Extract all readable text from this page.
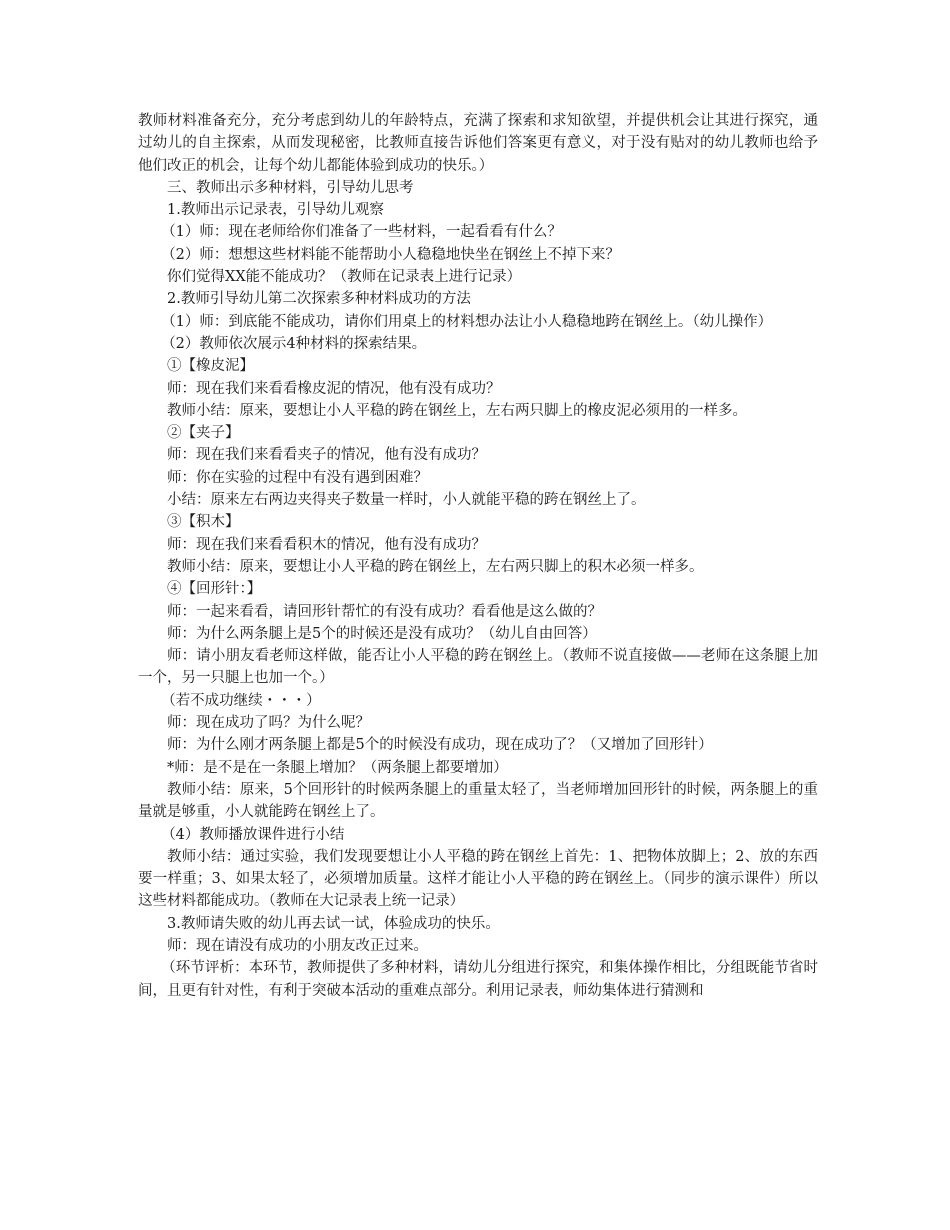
教师材料准备充分，充分考虑到幼儿的年龄特点，充满了探索和求知欲望，并提供机会让其进行探究，通过幼儿的自主探索，从而发现秘密，比教师直接告诉他们答案更有意义，对于没有贴对的幼儿教师也给予他们改正的机会，让每个幼儿都能体验到成功的快乐。）

三、教师出示多种材料，引导幼儿思考

1.教师出示记录表，引导幼儿观察

（1）师：现在老师给你们准备了一些材料，一起看看有什么？

（2）师：想想这些材料能不能帮助小人稳稳地快坐在钢丝上不掉下来？

你们觉得XX能不能成功？（教师在记录表上进行记录）

2.教师引导幼儿第二次探索多种材料成功的方法

（1）师：到底能不能成功，请你们用桌上的材料想办法让小人稳稳地跨在钢丝上。（幼儿操作）

（2）教师依次展示4种材料的探索结果。

①【橡皮泥】

师：现在我们来看看橡皮泥的情况，他有没有成功？

教师小结：原来，要想让小人平稳的跨在钢丝上，左右两只脚上的橡皮泥必须用的一样多。

②【夹子】

师：现在我们来看看夹子的情况，他有没有成功？

师：你在实验的过程中有没有遇到困难？

小结：原来左右两边夹得夹子数量一样时，小人就能平稳的跨在钢丝上了。

③【积木】

师：现在我们来看看积木的情况，他有没有成功？

教师小结：原来，要想让小人平稳的跨在钢丝上，左右两只脚上的积木必须一样多。

④【回形针：】

师：一起来看看，请回形针帮忙的有没有成功？看看他是这么做的？

师：为什么两条腿上是5个的时候还是没有成功？（幼儿自由回答）

师：请小朋友看老师这样做，能否让小人平稳的跨在钢丝上。（教师不说直接做——老师在这条腿上加一个，另一只腿上也加一个。）

（若不成功继续・・・）

师：现在成功了吗？为什么呢？

师：为什么刚才两条腿上都是5个的时候没有成功，现在成功了？（又增加了回形针）

*师：是不是在一条腿上增加？（两条腿上都要增加）

教师小结：原来，5个回形针的时候两条腿上的重量太轻了，当老师增加回形针的时候，两条腿上的重量就是够重，小人就能跨在钢丝上了。

（4）教师播放课件进行小结

教师小结：通过实验，我们发现要想让小人平稳的跨在钢丝上首先：1、把物体放脚上；2、放的东西要一样重；3、如果太轻了，必须增加质量。这样才能让小人平稳的跨在钢丝上。（同步的演示课件）所以这些材料都能成功。（教师在大记录表上统一记录）

3.教师请失败的幼儿再去试一试，体验成功的快乐。

师：现在请没有成功的小朋友改正过来。

（环节评析：本环节，教师提供了多种材料，请幼儿分组进行探究，和集体操作相比，分组既能节省时间，且更有针对性，有利于突破本活动的重难点部分。利用记录表，师幼集体进行猜测和
